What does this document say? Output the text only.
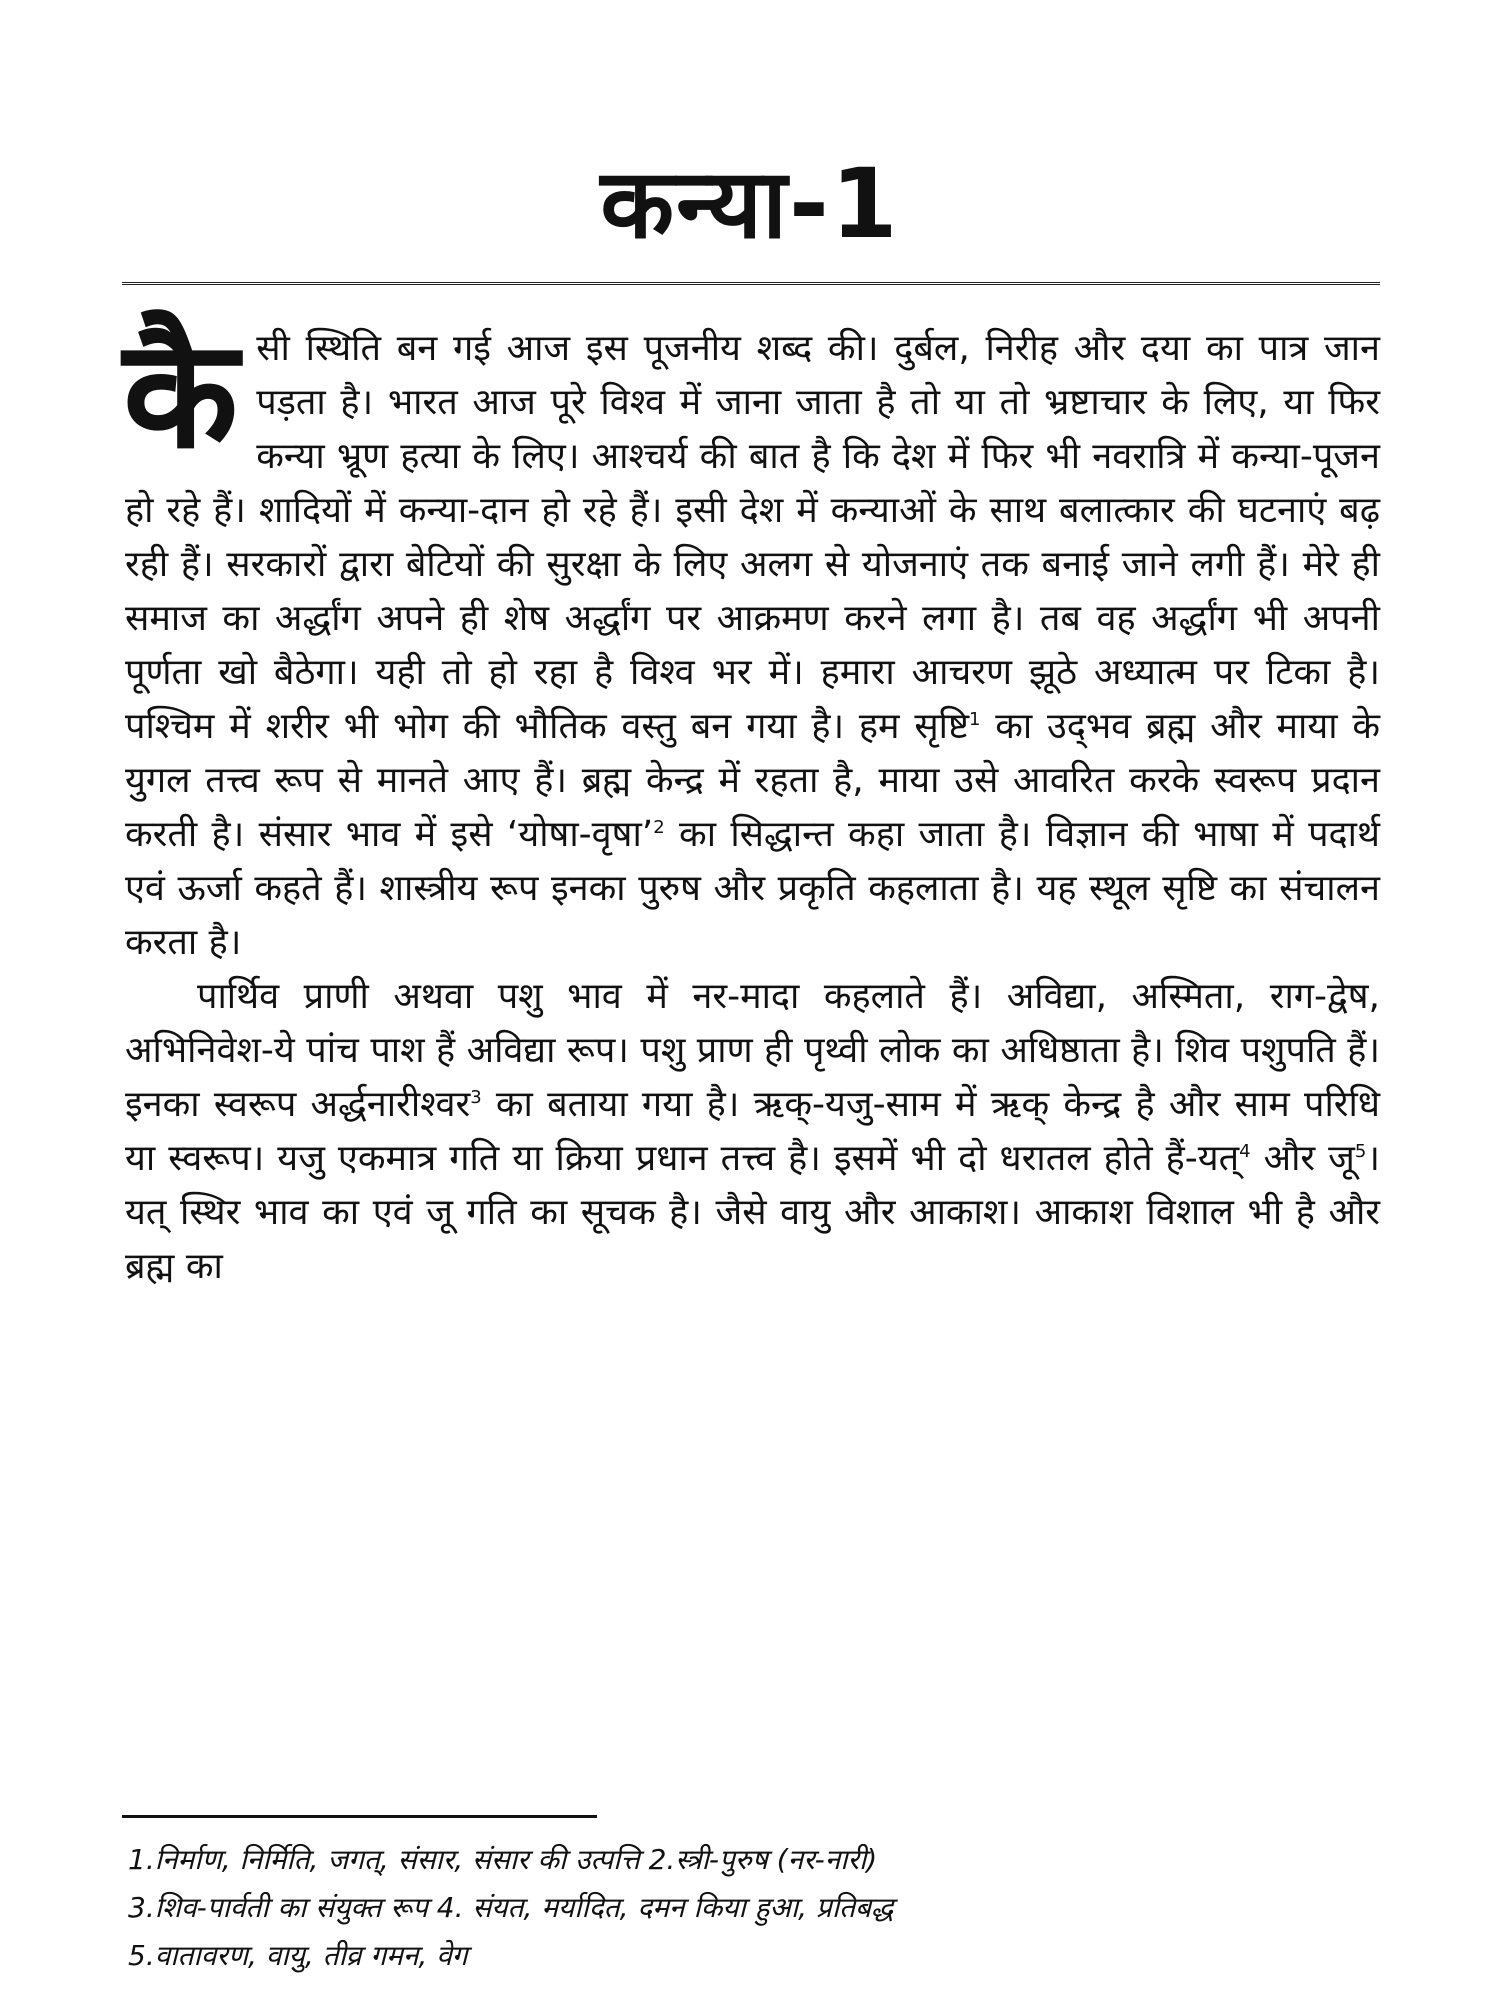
कन्या-1

कैसी स्थिति बन गई आज इस पूजनीय शब्द की। दुर्बल, निरीह और दया का पात्र जान पड़ता है। भारत आज पूरे विश्व में जाना जाता है तो या तो भ्रष्टाचार के लिए, या फिर कन्या भ्रूण हत्या के लिए। आश्चर्य की बात है कि देश में फिर भी नवरात्रि में कन्या-पूजन हो रहे हैं। शादियों में कन्या-दान हो रहे हैं। इसी देश में कन्याओं के साथ बलात्कार की घटनाएं बढ़ रही हैं। सरकारों द्वारा बेटियों की सुरक्षा के लिए अलग से योजनाएं तक बनाई जाने लगी हैं। मेरे ही समाज का अर्द्धांग अपने ही शेष अर्द्धांग पर आक्रमण करने लगा है। तब वह अर्द्धांग भी अपनी पूर्णता खो बैठेगा। यही तो हो रहा है विश्व भर में। हमारा आचरण झूठे अध्यात्म पर टिका है। पश्चिम में शरीर भी भोग की भौतिक वस्तु बन गया है। हम सृष्टि$^1$ का उद्‌भव ब्रह्म और माया के युगल तत्त्व रूप से मानते आए हैं। ब्रह्म केन्द्र में रहता है, माया उसे आवरित करके स्वरूप प्रदान करती है। संसार भाव में इसे ‘योषा-वृषा’$^2$ का सिद्धान्त कहा जाता है। विज्ञान की भाषा में पदार्थ एवं ऊर्जा कहते हैं। शास्त्रीय रूप इनका पुरुष और प्रकृति कहलाता है। यह स्थूल सृष्टि का संचालन करता है।

पार्थिव प्राणी अथवा पशु भाव में नर-मादा कहलाते हैं। अविद्या, अस्मिता, राग-द्वेष, अभिनिवेश-ये पांच पाश हैं अविद्या रूप। पशु प्राण ही पृथ्वी लोक का अधिष्ठाता है। शिव पशुपति हैं। इनका स्वरूप अर्द्धनारीश्वर$^3$ का बताया गया है। ऋक्-यजु-साम में ऋक् केन्द्र है और साम परिधि या स्वरूप। यजु एकमात्र गति या क्रिया प्रधान तत्त्व है। इसमें भी दो धरातल होते हैं-यत्$^4$ और जू$^5$। यत् स्थिर भाव का एवं जू गति का सूचक है। जैसे वायु और आकाश। आकाश विशाल भी है और ब्रह्म का

1.निर्माण, निर्मिति, जगत्, संसार, संसार की उत्पत्ति 2.स्त्री-पुरुष (नर-नारी)
3.शिव-पार्वती का संयुक्त रूप 4. संयत, मर्यादित, दमन किया हुआ, प्रतिबद्ध
5.वातावरण, वायु, तीव्र गमन, वेग
